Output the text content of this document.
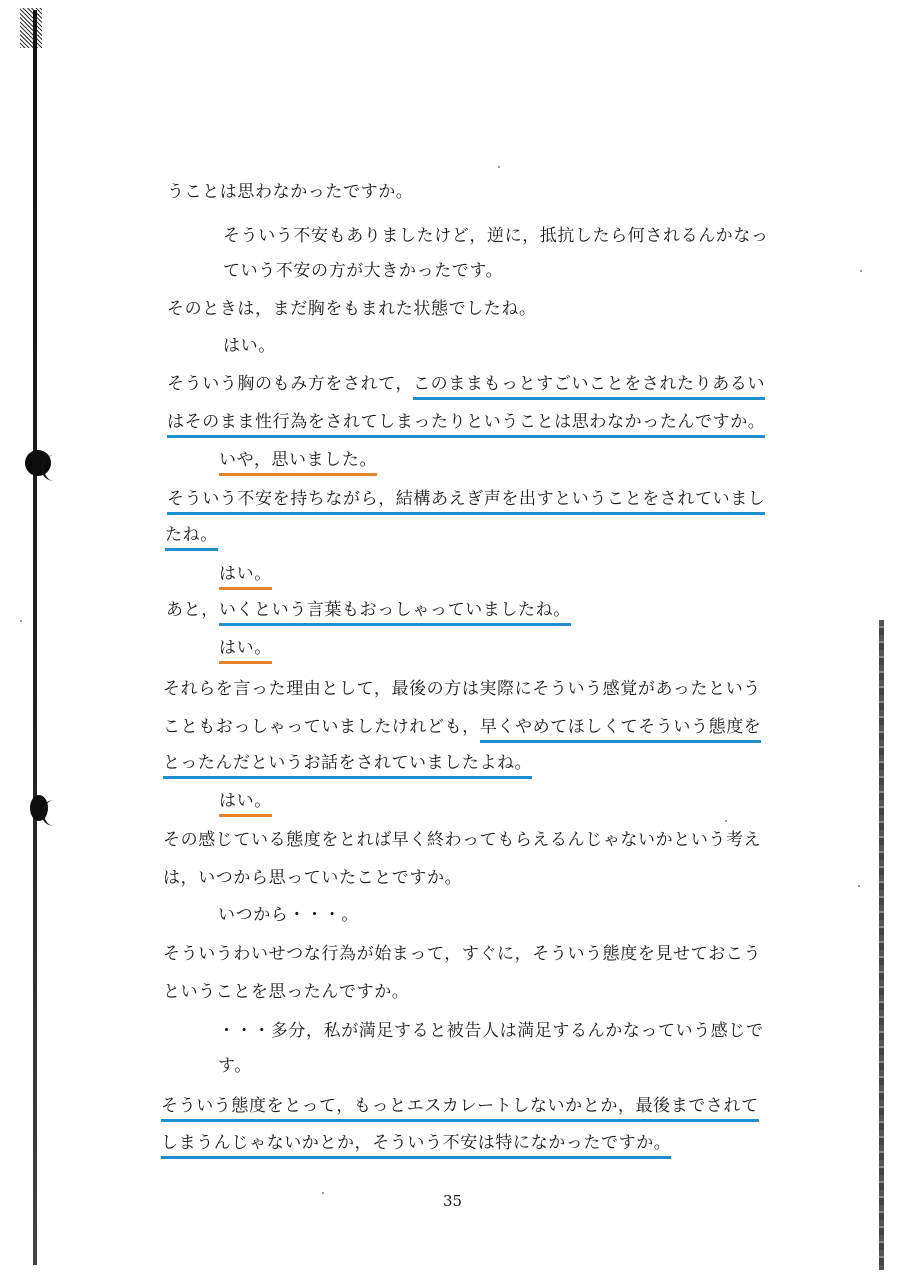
うことは思わなかったですか。
そういう不安もありましたけど，逆に，抵抗したら何されるんかなっ
ていう不安の方が大きかったです。
そのときは，まだ胸をもまれた状態でしたね。
はい。
そういう胸のもみ方をされて，このままもっとすごいことをされたりあるい
はそのまま性行為をされてしまったりということは思わなかったんですか。
いや，思いました。
そういう不安を持ちながら，結構あえぎ声を出すということをされていまし
たね。
はい。
あと，いくという言葉もおっしゃっていましたね。
はい。
それらを言った理由として，最後の方は実際にそういう感覚があったという
こともおっしゃっていましたけれども，早くやめてほしくてそういう態度を
とったんだというお話をされていましたよね。
はい。
その感じている態度をとれば早く終わってもらえるんじゃないかという考え
は，いつから思っていたことですか。
いつから・・・。
そういうわいせつな行為が始まって，すぐに，そういう態度を見せておこう
ということを思ったんですか。
・・・多分，私が満足すると被告人は満足するんかなっていう感じで
す。
そういう態度をとって，もっとエスカレートしないかとか，最後までされて
しまうんじゃないかとか，そういう不安は特になかったですか。
35
